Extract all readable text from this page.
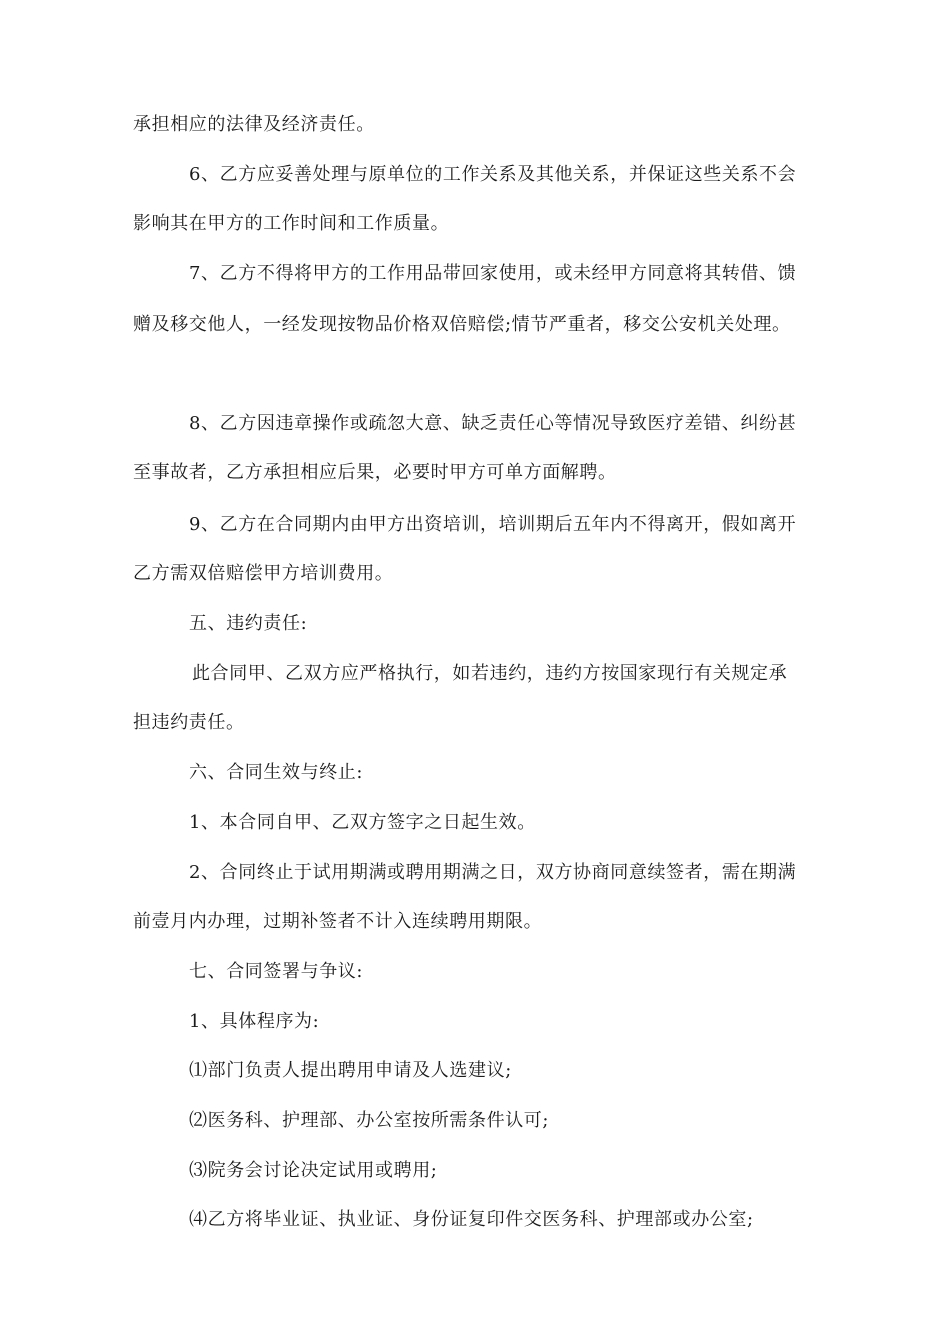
承担相应的法律及经济责任。
6、乙方应妥善处理与原单位的工作关系及其他关系，并保证这些关系不会
影响其在甲方的工作时间和工作质量。
7、乙方不得将甲方的工作用品带回家使用，或未经甲方同意将其转借、馈
赠及移交他人，一经发现按物品价格双倍赔偿;情节严重者，移交公安机关处理。
8、乙方因违章操作或疏忽大意、缺乏责任心等情况导致医疗差错、纠纷甚
至事故者，乙方承担相应后果，必要时甲方可单方面解聘。
9、乙方在合同期内由甲方出资培训，培训期后五年内不得离开，假如离开
乙方需双倍赔偿甲方培训费用。
五、违约责任:
此合同甲、乙双方应严格执行，如若违约，违约方按国家现行有关规定承
担违约责任。
六、合同生效与终止:
1、本合同自甲、乙双方签字之日起生效。
2、合同终止于试用期满或聘用期满之日，双方协商同意续签者，需在期满
前壹月内办理，过期补签者不计入连续聘用期限。
七、合同签署与争议:
1、具体程序为:
⑴部门负责人提出聘用申请及人选建议;
⑵医务科、护理部、办公室按所需条件认可;
⑶院务会讨论决定试用或聘用;
⑷乙方将毕业证、执业证、身份证复印件交医务科、护理部或办公室;
